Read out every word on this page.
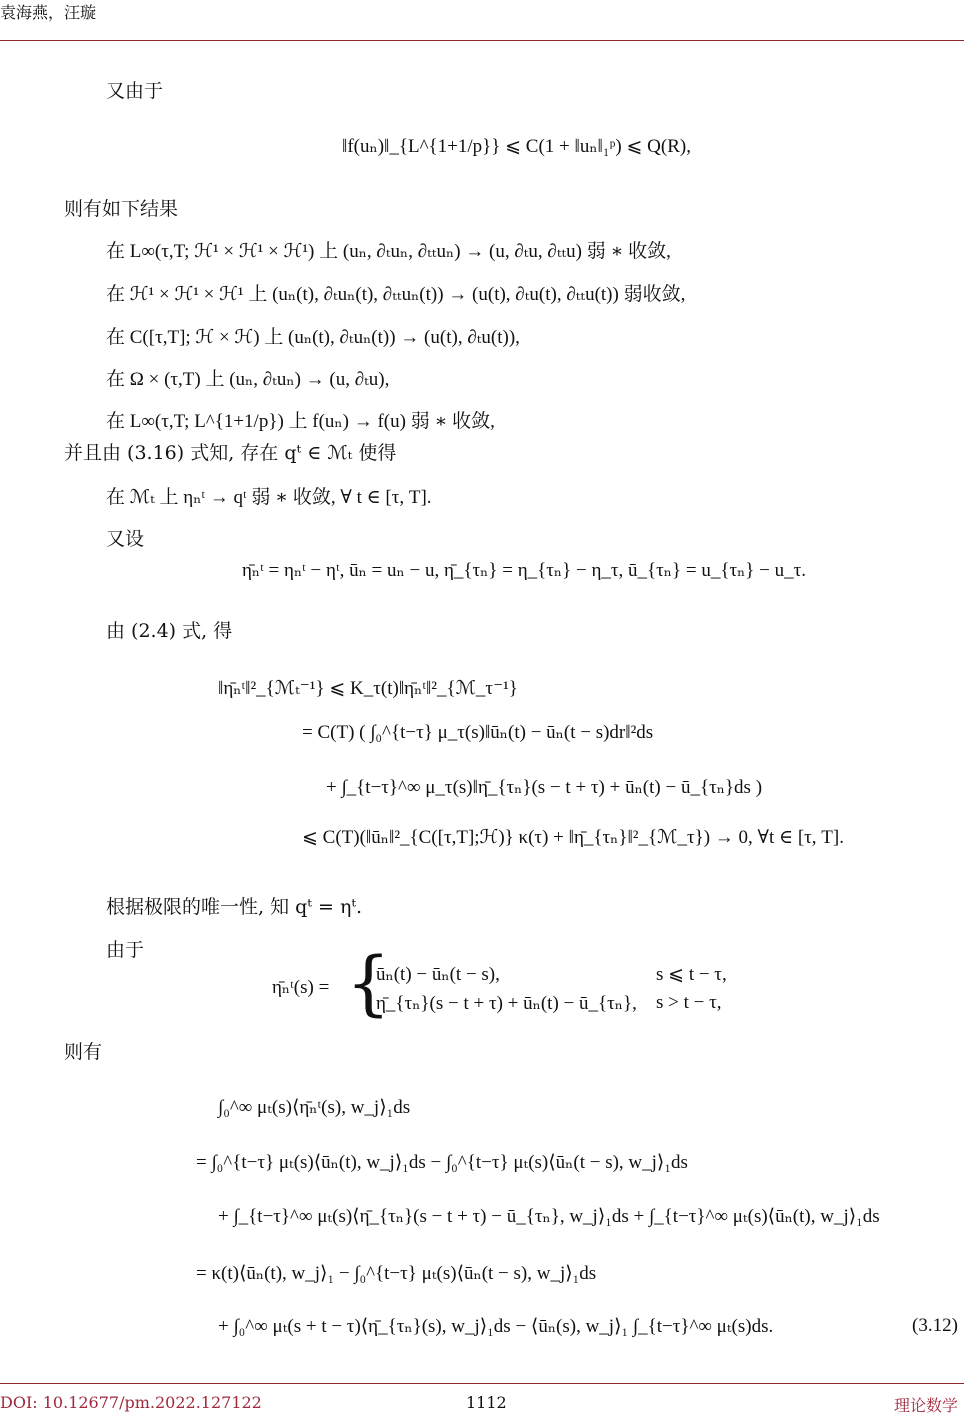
袁海燕，汪璇
又由于
‖f(uₙ)‖_{L^{1+1/p}} ⩽ C(1 + ‖uₙ‖₁ᵖ) ⩽ Q(R),
则有如下结果
在 L∞(τ,T; ℋ¹ × ℋ¹ × ℋ¹) 上 (uₙ, ∂ₜuₙ, ∂ₜₜuₙ) → (u, ∂ₜu, ∂ₜₜu) 弱 ∗ 收敛,
在 ℋ¹ × ℋ¹ × ℋ¹ 上 (uₙ(t), ∂ₜuₙ(t), ∂ₜₜuₙ(t)) → (u(t), ∂ₜu(t), ∂ₜₜu(t)) 弱收敛,
在 C([τ,T]; ℋ × ℋ) 上 (uₙ(t), ∂ₜuₙ(t)) → (u(t), ∂ₜu(t)),
在 Ω × (τ,T) 上 (uₙ, ∂ₜuₙ) → (u, ∂ₜu),
在 L∞(τ,T; L^{1+1/p}) 上 f(uₙ) → f(u) 弱 ∗ 收敛,
并且由 (3.16) 式知, 存在 qᵗ ∈ ℳₜ 使得
在 ℳₜ 上 ηₙᵗ → qᵗ 弱 ∗ 收敛, ∀ t ∈ [τ, T].
又设
η̄ₙᵗ = ηₙᵗ − ηᵗ, ūₙ = uₙ − u, η̄_{τₙ} = η_{τₙ} − η_τ, ū_{τₙ} = u_{τₙ} − u_τ.
由 (2.4) 式, 得
‖η̄ₙᵗ‖²_{ℳₜ⁻¹} ⩽ K_τ(t)‖η̄ₙᵗ‖²_{ℳ_τ⁻¹}
= C(T) ( ∫₀^{t−τ} μ_τ(s)‖ūₙ(t) − ūₙ(t − s)dr‖²ds
+ ∫_{t−τ}^∞ μ_τ(s)‖η̄_{τₙ}(s − t + τ) + ūₙ(t) − ū_{τₙ}ds )
⩽ C(T)(‖ūₙ‖²_{C([τ,T];ℋ)} κ(τ) + ‖η̄_{τₙ}‖²_{ℳ_τ}) → 0, ∀t ∈ [τ, T].
根据极限的唯一性, 知 qᵗ = ηᵗ.
由于
η̄ₙᵗ(s) = {
ūₙ(t) − ūₙ(t − s),	s ⩽ t − τ,
η̄_{τₙ}(s − t + τ) + ūₙ(t) − ū_{τₙ}, s > t − τ,
则有
∫₀^∞ μₜ(s)⟨η̄ₙᵗ(s), w_j⟩₁ds
= ∫₀^{t−τ} μₜ(s)⟨ūₙ(t), w_j⟩₁ds − ∫₀^{t−τ} μₜ(s)⟨ūₙ(t − s), w_j⟩₁ds
+ ∫_{t−τ}^∞ μₜ(s)⟨η̄_{τₙ}(s − t + τ) − ū_{τₙ}, w_j⟩₁ds + ∫_{t−τ}^∞ μₜ(s)⟨ūₙ(t), w_j⟩₁ds
= κ(t)⟨ūₙ(t), w_j⟩₁ − ∫₀^{t−τ} μₜ(s)⟨ūₙ(t − s), w_j⟩₁ds
+ ∫₀^∞ μₜ(s + t − τ)⟨η̄_{τₙ}(s), w_j⟩₁ds − ⟨ūₙ(s), w_j⟩₁ ∫_{t−τ}^∞ μₜ(s)ds.	(3.12)
DOI: 10.12677/pm.2022.127122	1112	理论数学
